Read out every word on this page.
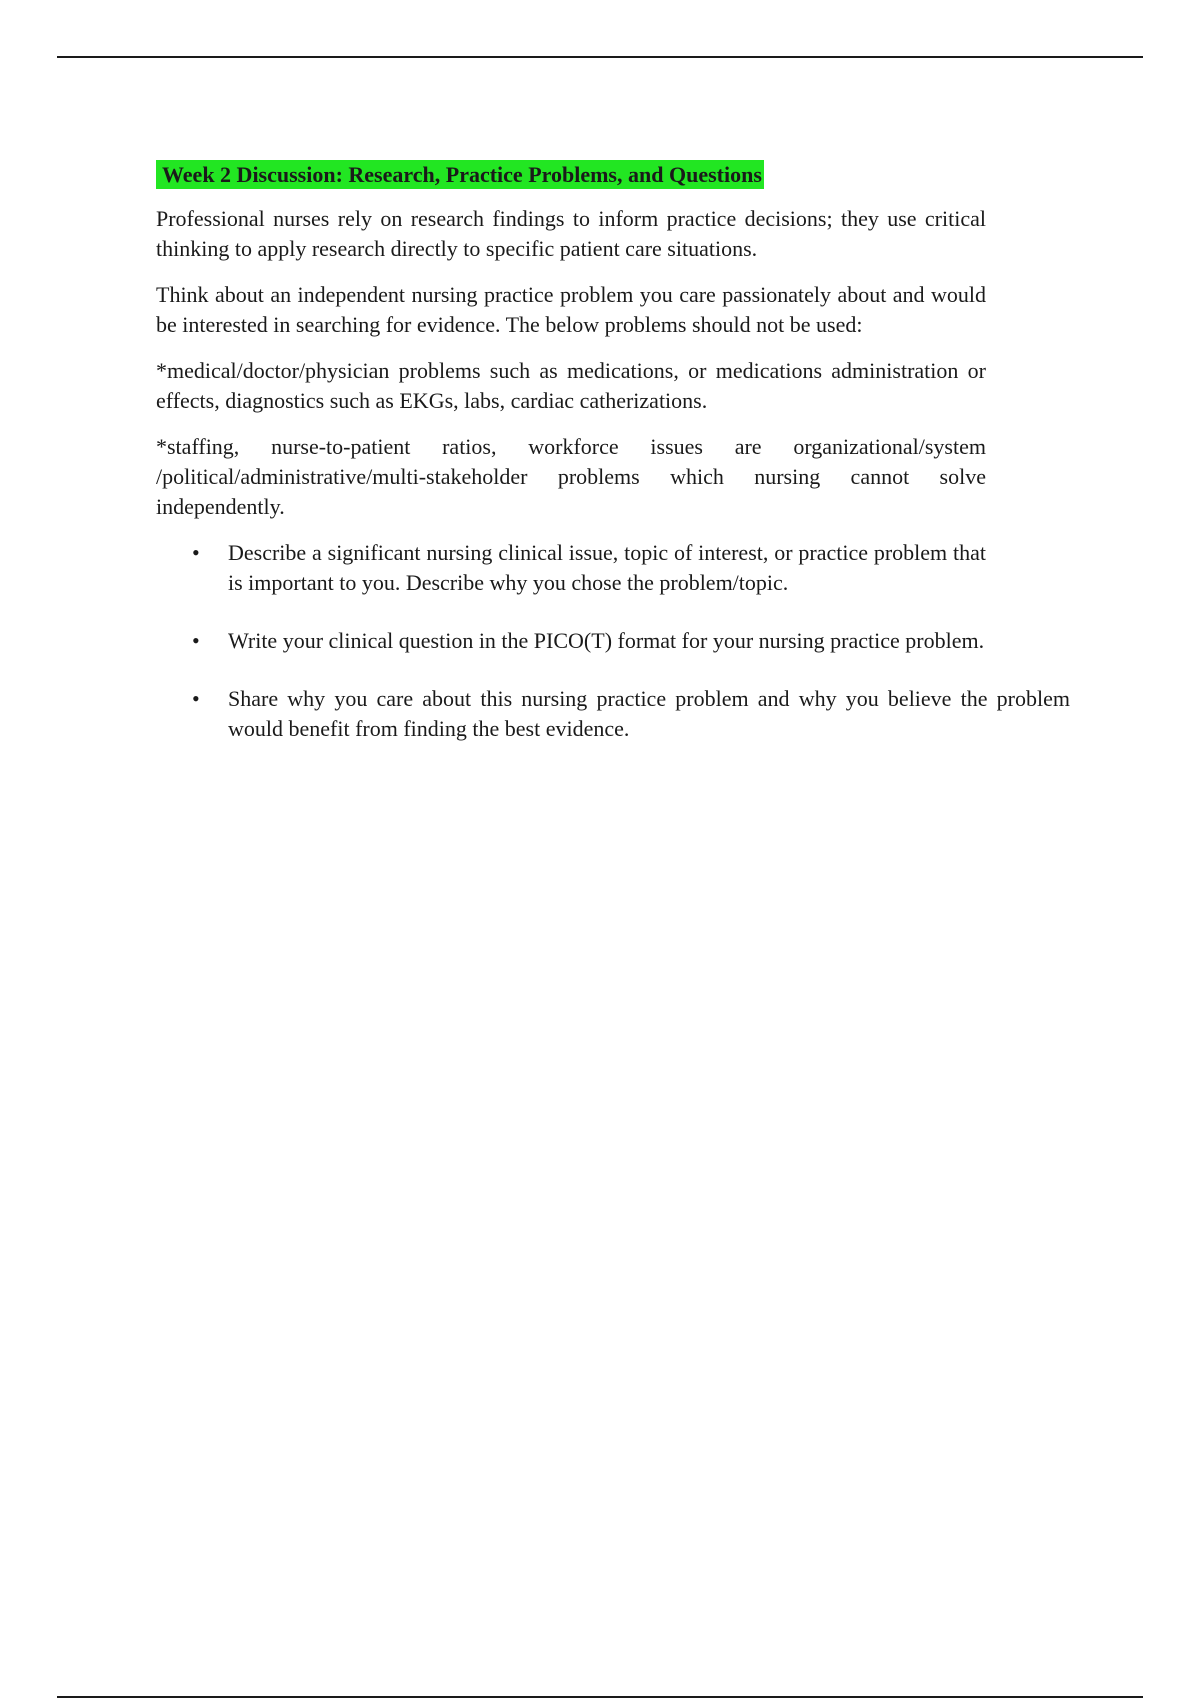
Week 2 Discussion: Research, Practice Problems, and Questions

Professional nurses rely on research findings to inform practice decisions; they use critical thinking to apply research directly to specific patient care situations.

Think about an independent nursing practice problem you care passionately about and would be interested in searching for evidence. The below problems should not be used:

*medical/doctor/physician problems such as medications, or medications administration or effects, diagnostics such as EKGs, labs, cardiac catherizations.

*staffing, nurse-to-patient ratios, workforce issues are organizational/system /political/administrative/multi-stakeholder problems which nursing cannot solve independently.

• Describe a significant nursing clinical issue, topic of interest, or practice problem that is important to you. Describe why you chose the problem/topic.
• Write your clinical question in the PICO(T) format for your nursing practice problem.
• Share why you care about this nursing practice problem and why you believe the problem would benefit from finding the best evidence.
